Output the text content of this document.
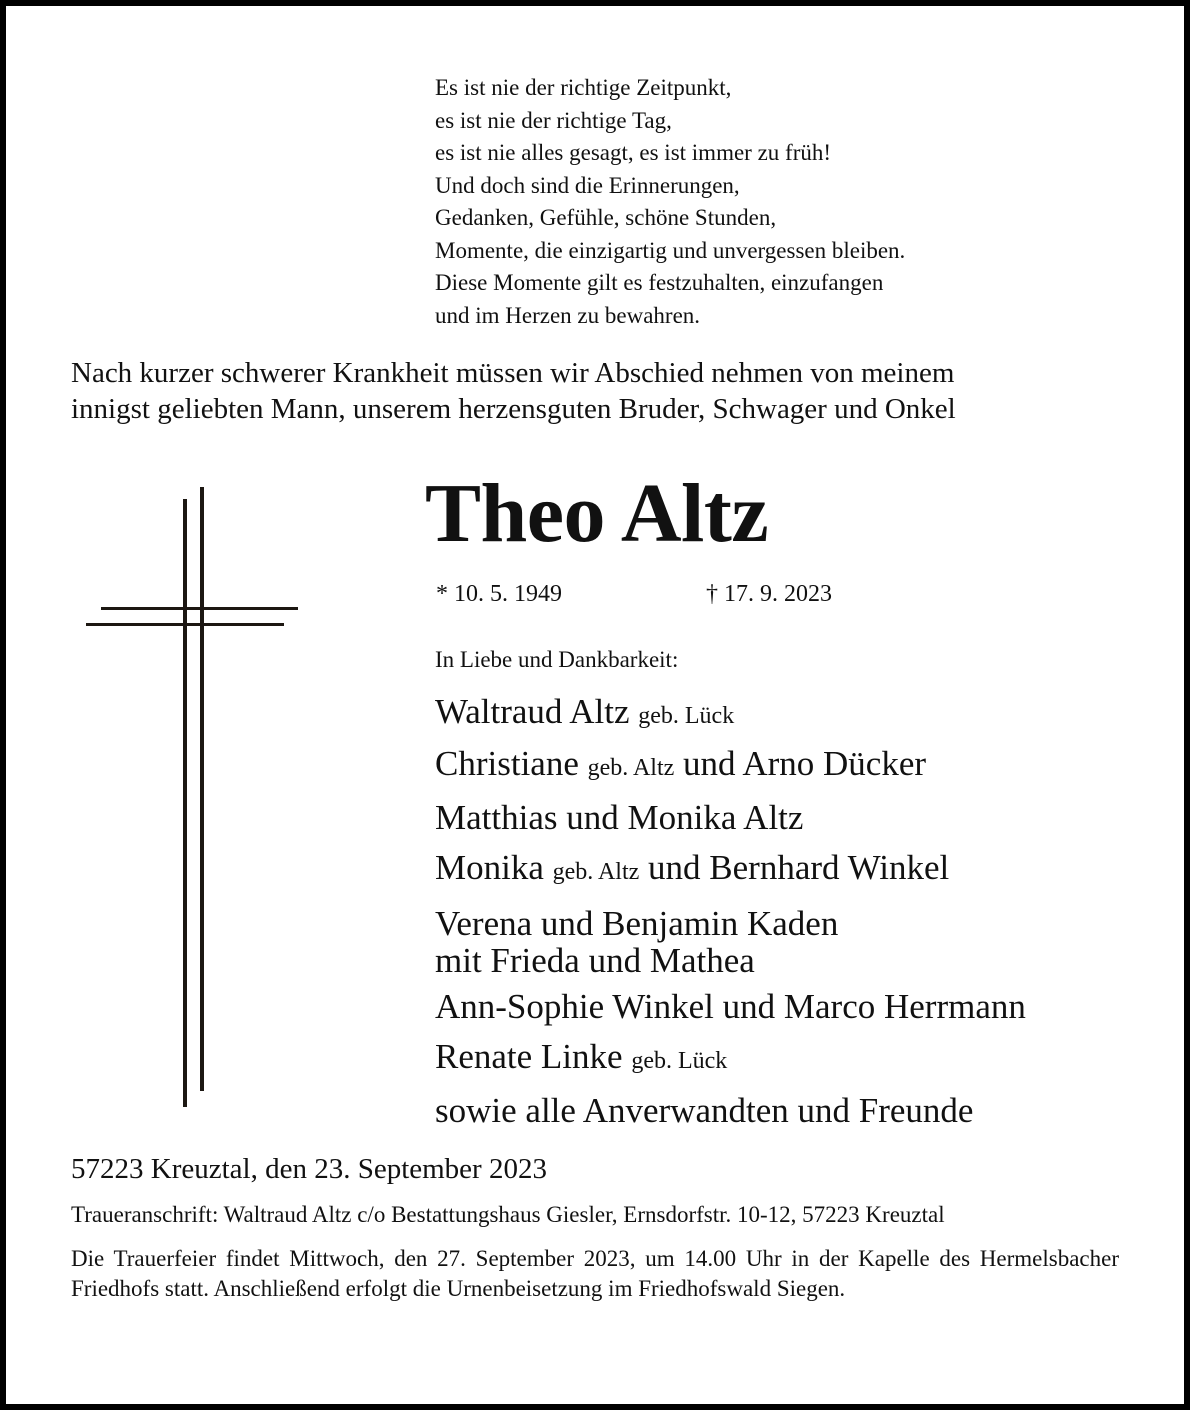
Es ist nie der richtige Zeitpunkt,
es ist nie der richtige Tag,
es ist nie alles gesagt, es ist immer zu früh!
Und doch sind die Erinnerungen,
Gedanken, Gefühle, schöne Stunden,
Momente, die einzigartig und unvergessen bleiben.
Diese Momente gilt es festzuhalten, einzufangen
und im Herzen zu bewahren.
Nach kurzer schwerer Krankheit müssen wir Abschied nehmen von meinem
innigst geliebten Mann, unserem herzensguten Bruder, Schwager und Onkel
Theo Altz
* 10. 5. 1949	† 17. 9. 2023
In Liebe und Dankbarkeit:
Waltraud Altz geb. Lück
Christiane geb. Altz und Arno Dücker
Matthias und Monika Altz
Monika geb. Altz und Bernhard Winkel
Verena und Benjamin Kaden
mit Frieda und Mathea
Ann-Sophie Winkel und Marco Herrmann
Renate Linke geb. Lück
sowie alle Anverwandten und Freunde
57223 Kreuztal, den 23. September 2023
Traueranschrift: Waltraud Altz c/o Bestattungshaus Giesler, Ernsdorfstr. 10-12, 57223 Kreuztal
Die Trauerfeier findet Mittwoch, den 27. September 2023, um 14.00 Uhr in der Kapelle des Hermelsbacher Friedhofs statt. Anschließend erfolgt die Urnenbeisetzung im Friedhofswald Siegen.
